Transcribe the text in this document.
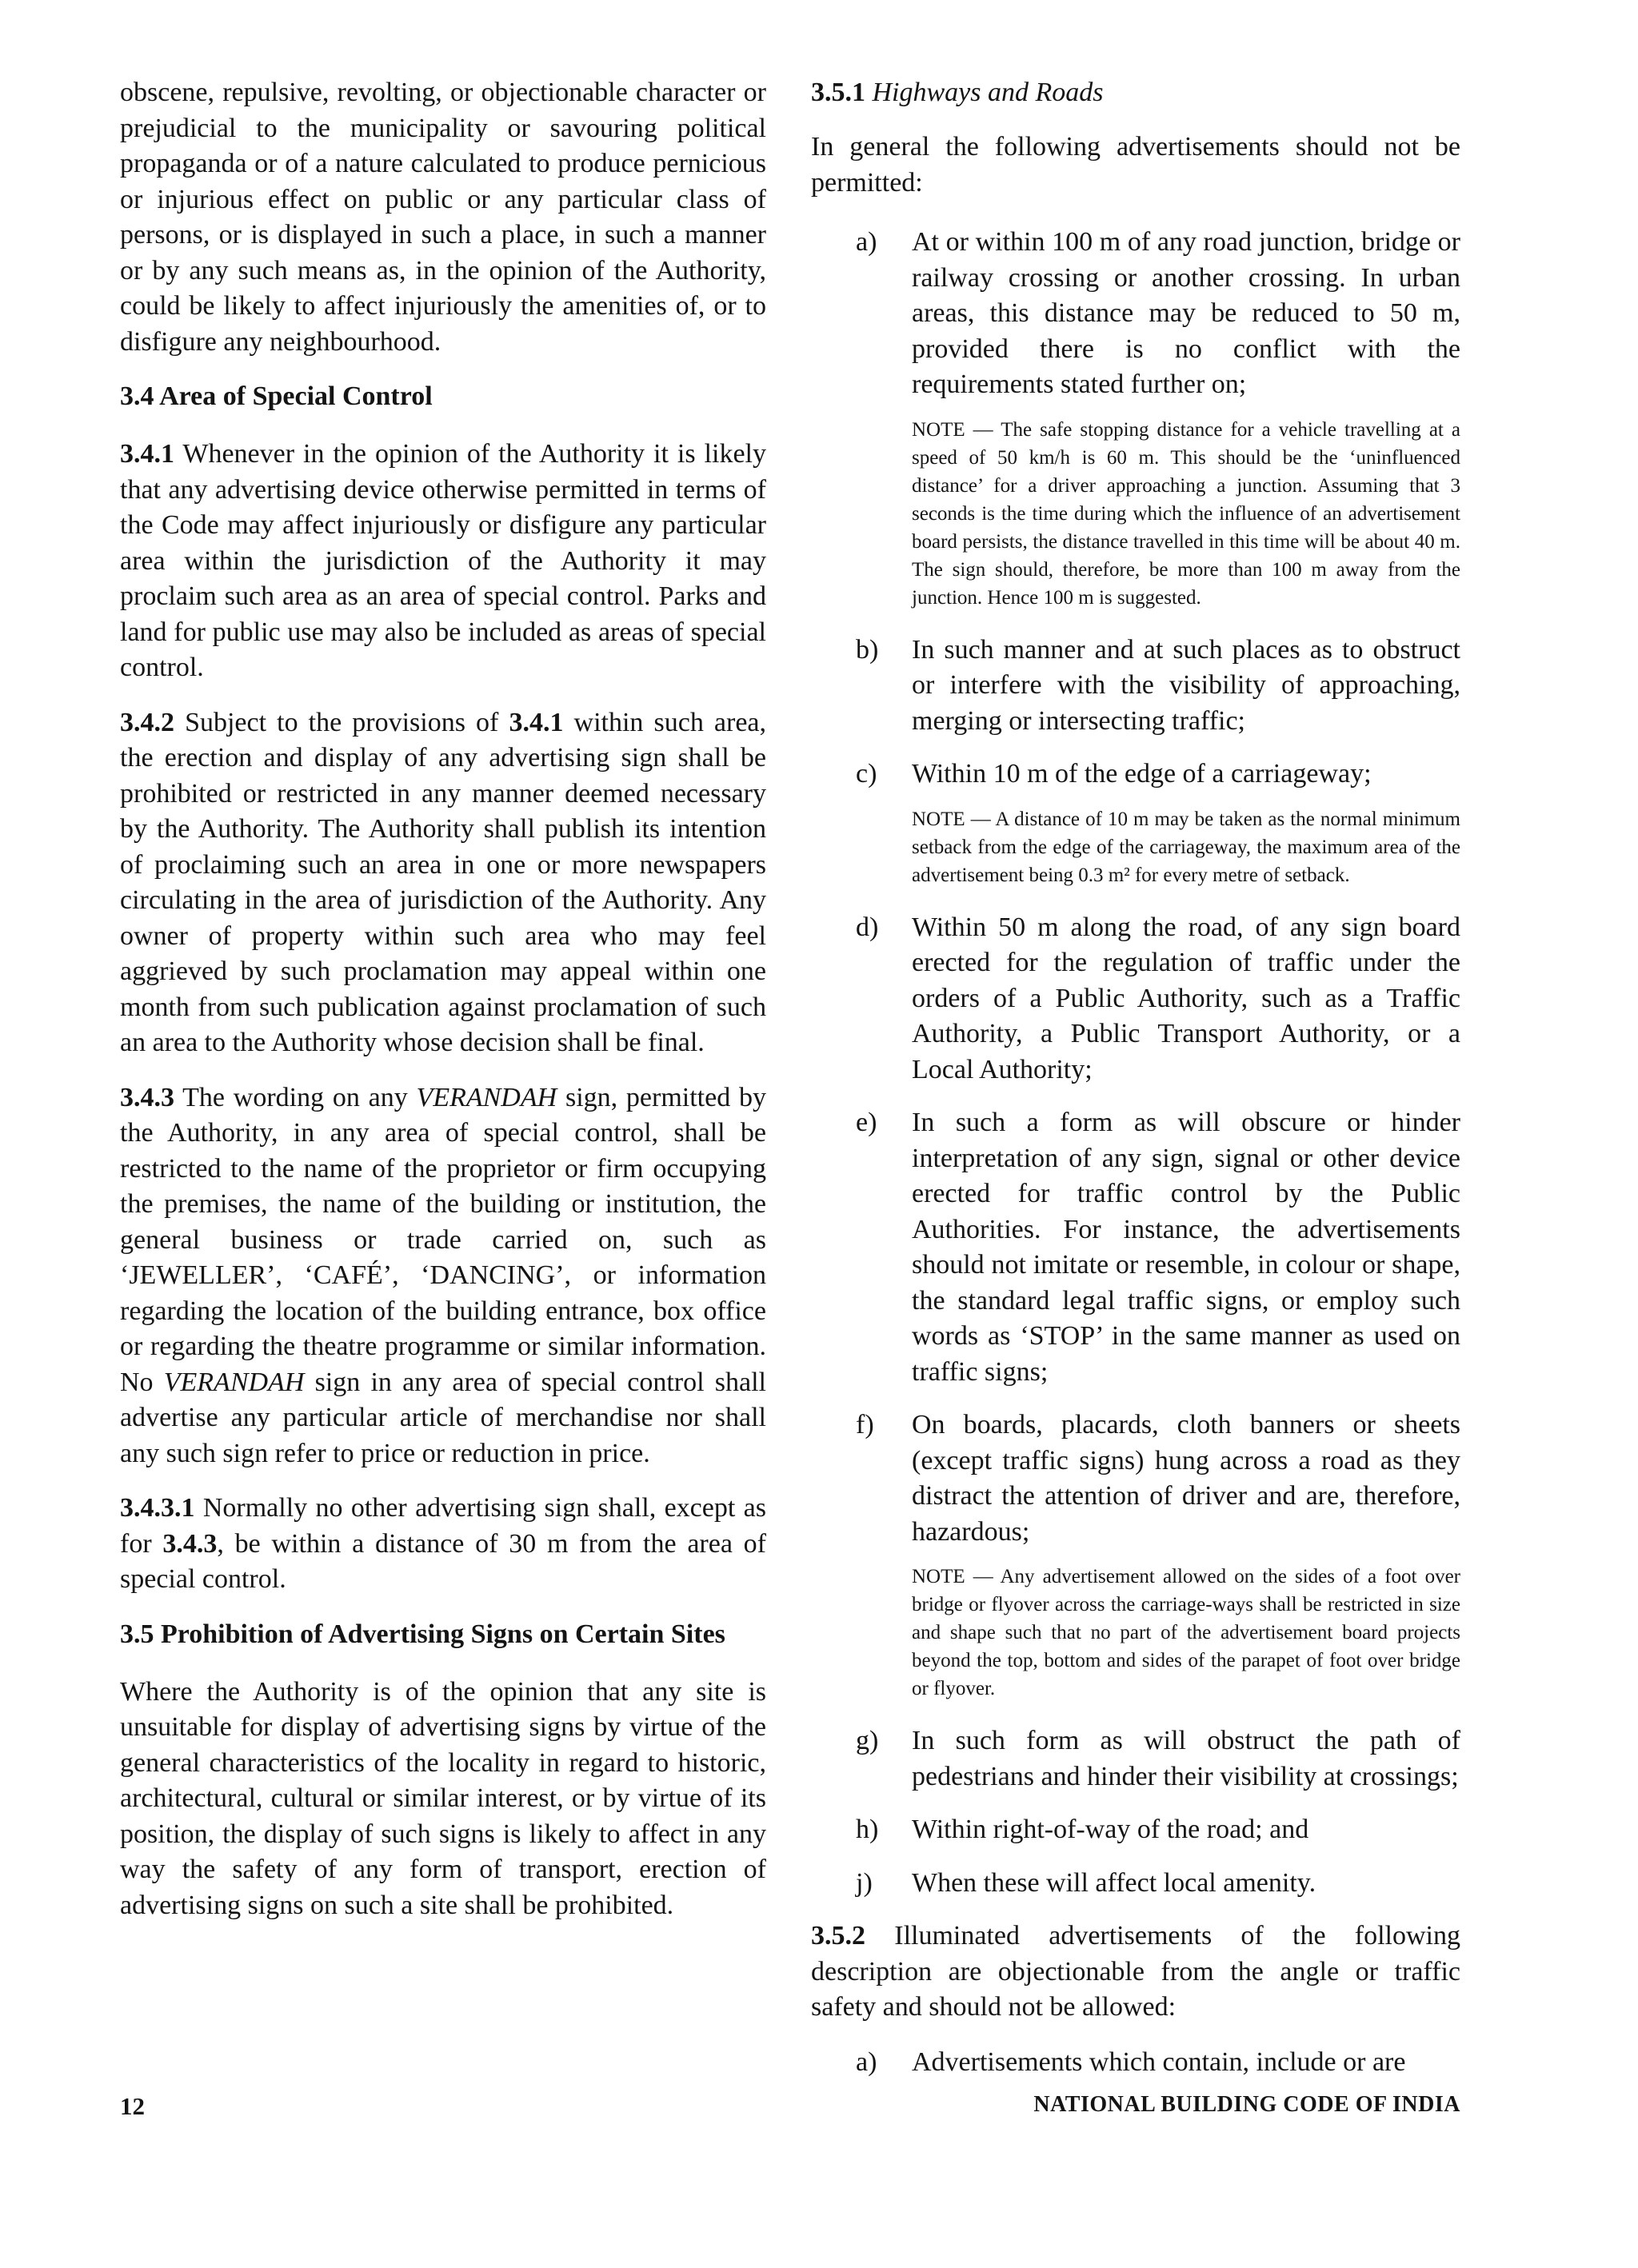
obscene, repulsive, revolting, or objectionable character or prejudicial to the municipality or savouring political propaganda or of a nature calculated to produce pernicious or injurious effect on public or any particular class of persons, or is displayed in such a place, in such a manner or by any such means as, in the opinion of the Authority, could be likely to affect injuriously the amenities of, or to disfigure any neighbourhood.

3.4 Area of Special Control

3.4.1 Whenever in the opinion of the Authority it is likely that any advertising device otherwise permitted in terms of the Code may affect injuriously or disfigure any particular area within the jurisdiction of the Authority it may proclaim such area as an area of special control. Parks and land for public use may also be included as areas of special control.

3.4.2 Subject to the provisions of 3.4.1 within such area, the erection and display of any advertising sign shall be prohibited or restricted in any manner deemed necessary by the Authority. The Authority shall publish its intention of proclaiming such an area in one or more newspapers circulating in the area of jurisdiction of the Authority. Any owner of property within such area who may feel aggrieved by such proclamation may appeal within one month from such publication against proclamation of such an area to the Authority whose decision shall be final.

3.4.3 The wording on any VERANDAH sign, permitted by the Authority, in any area of special control, shall be restricted to the name of the proprietor or firm occupying the premises, the name of the building or institution, the general business or trade carried on, such as ‘JEWELLER’, ‘CAFÉ’, ‘DANCING’, or information regarding the location of the building entrance, box office or regarding the theatre programme or similar information. No VERANDAH sign in any area of special control shall advertise any particular article of merchandise nor shall any such sign refer to price or reduction in price.

3.4.3.1 Normally no other advertising sign shall, except as for 3.4.3, be within a distance of 30 m from the area of special control.

3.5 Prohibition of Advertising Signs on Certain Sites

Where the Authority is of the opinion that any site is unsuitable for display of advertising signs by virtue of the general characteristics of the locality in regard to historic, architectural, cultural or similar interest, or by virtue of its position, the display of such signs is likely to affect in any way the safety of any form of transport, erection of advertising signs on such a site shall be prohibited.

3.5.1 Highways and Roads

In general the following advertisements should not be permitted:

a)	At or within 100 m of any road junction, bridge or railway crossing or another crossing. In urban areas, this distance may be reduced to 50 m, provided there is no conflict with the requirements stated further on;

NOTE — The safe stopping distance for a vehicle travelling at a speed of 50 km/h is 60 m. This should be the ‘uninfluenced distance’ for a driver approaching a junction. Assuming that 3 seconds is the time during which the influence of an advertisement board persists, the distance travelled in this time will be about 40 m. The sign should, therefore, be more than 100 m away from the junction. Hence 100 m is suggested.

b)	In such manner and at such places as to obstruct or interfere with the visibility of approaching, merging or intersecting traffic;
c)	Within 10 m of the edge of a carriageway;

NOTE — A distance of 10 m may be taken as the normal minimum setback from the edge of the carriageway, the maximum area of the advertisement being 0.3 m² for every metre of setback.

d)	Within 50 m along the road, of any sign board erected for the regulation of traffic under the orders of a Public Authority, such as a Traffic Authority, a Public Transport Authority, or a Local Authority;
e)	In such a form as will obscure or hinder interpretation of any sign, signal or other device erected for traffic control by the Public Authorities. For instance, the advertisements should not imitate or resemble, in colour or shape, the standard legal traffic signs, or employ such words as ‘STOP’ in the same manner as used on traffic signs;
f)	On boards, placards, cloth banners or sheets (except traffic signs) hung across a road as they distract the attention of driver and are, therefore, hazardous;

NOTE — Any advertisement allowed on the sides of a foot over bridge or flyover across the carriage-ways shall be restricted in size and shape such that no part of the advertisement board projects beyond the top, bottom and sides of the parapet of foot over bridge or flyover.

g)	In such form as will obstruct the path of pedestrians and hinder their visibility at crossings;
h)	Within right-of-way of the road; and
j)	When these will affect local amenity.

3.5.2 Illuminated advertisements of the following description are objectionable from the angle or traffic safety and should not be allowed:

a)	Advertisements which contain, include or are
12	NATIONAL BUILDING CODE OF INDIA
